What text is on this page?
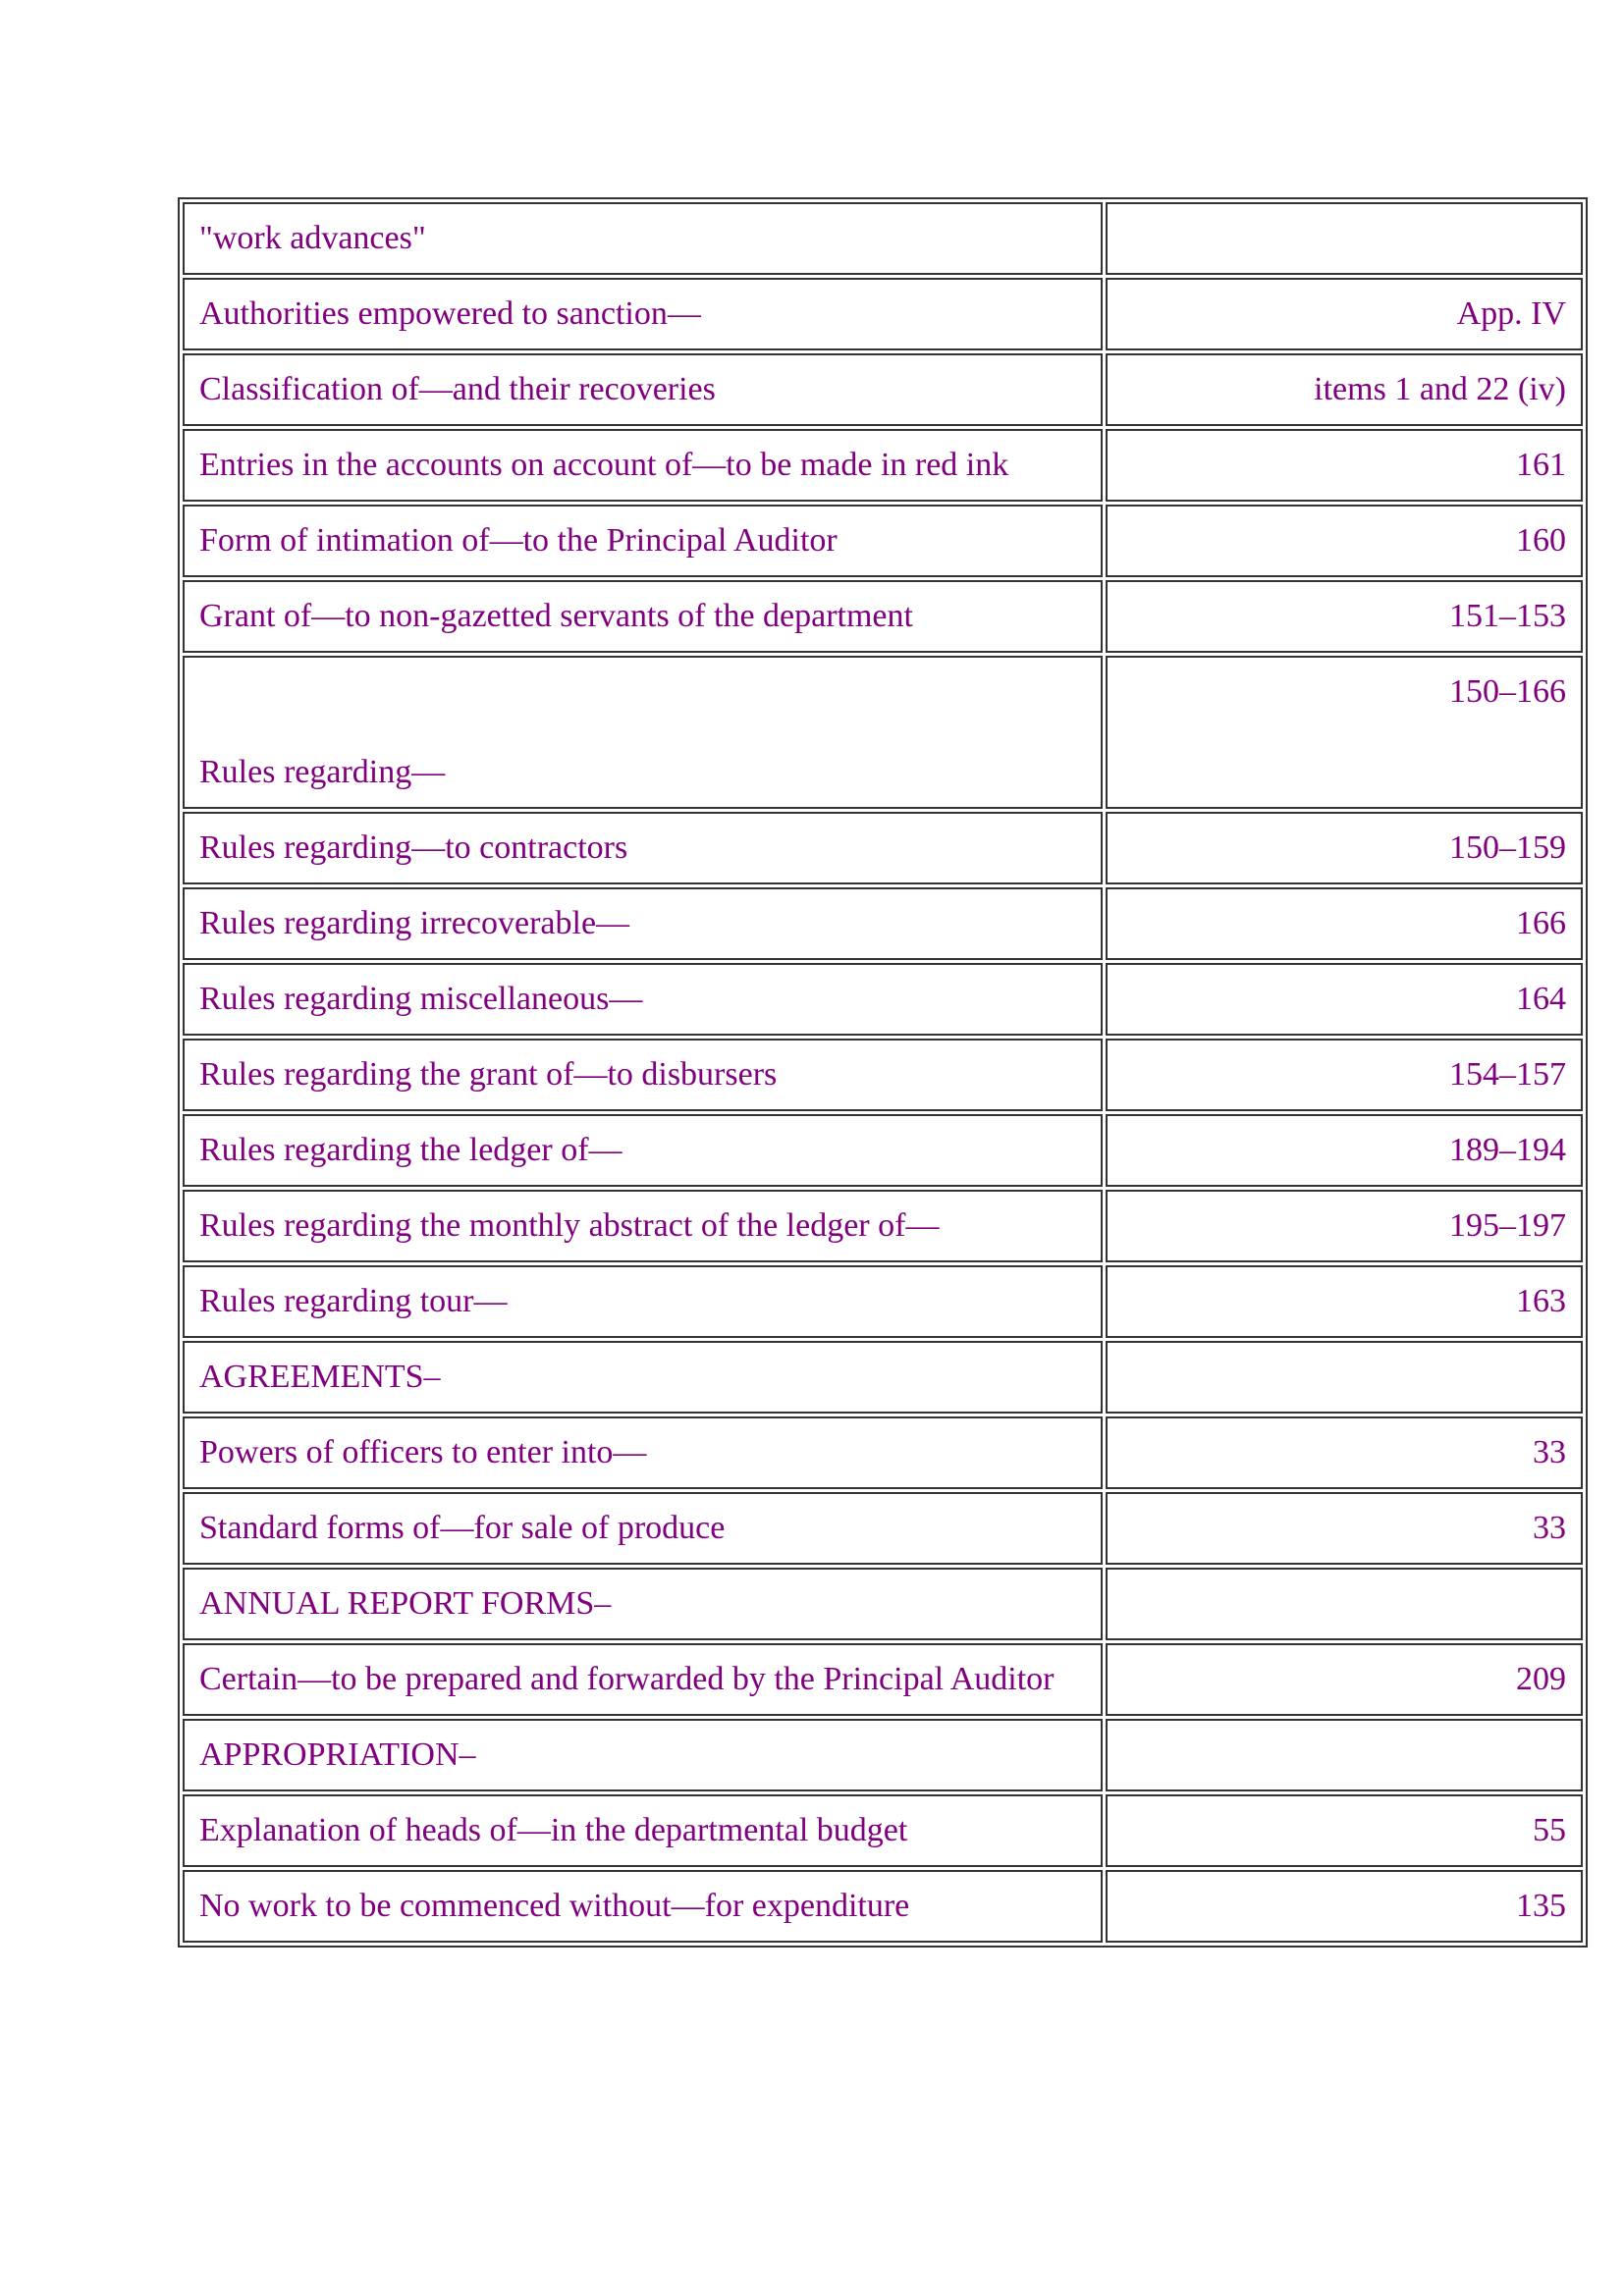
"work advances"	
Authorities empowered to sanction—	App. IV
Classification of—and their recoveries	items 1 and 22 (iv)
Entries in the accounts on account of—to be made in red ink	161
Form of intimation of—to the Principal Auditor	160
Grant of—to non-gazetted servants of the department	151–153
Rules regarding—	150–166
Rules regarding—to contractors	150–159
Rules regarding irrecoverable—	166
Rules regarding miscellaneous—	164
Rules regarding the grant of—to disbursers	154–157
Rules regarding the ledger of—	189–194
Rules regarding the monthly abstract of the ledger of—	195–197
Rules regarding tour—	163
AGREEMENTS–	
Powers of officers to enter into—	33
Standard forms of—for sale of produce	33
ANNUAL REPORT FORMS–	
Certain—to be prepared and forwarded by the Principal Auditor	209
APPROPRIATION–	
Explanation of heads of—in the departmental budget	55
No work to be commenced without—for expenditure	135
